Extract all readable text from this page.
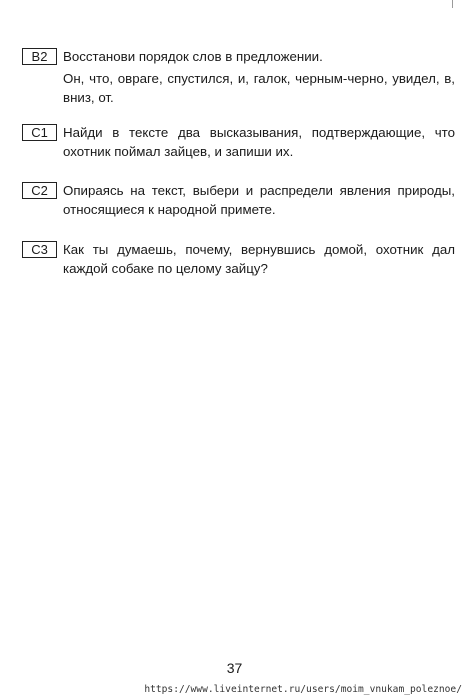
B2	Восстанови порядок слов в предложении.

Он, что, овраге, спустился, и, галок, черным-черно, увидел, в, вниз, от.

C1	Найди в тексте два высказывания, подтверждающие, что охотник поймал зайцев, и запиши их.

C2	Опираясь на текст, выбери и распредели явления природы, относящиеся к народной примете.

C3	Как ты думаешь, почему, вернувшись домой, охотник дал каждой собаке по целому зайцу?

37
https://www.liveinternet.ru/users/moim_vnukam_poleznoe/
